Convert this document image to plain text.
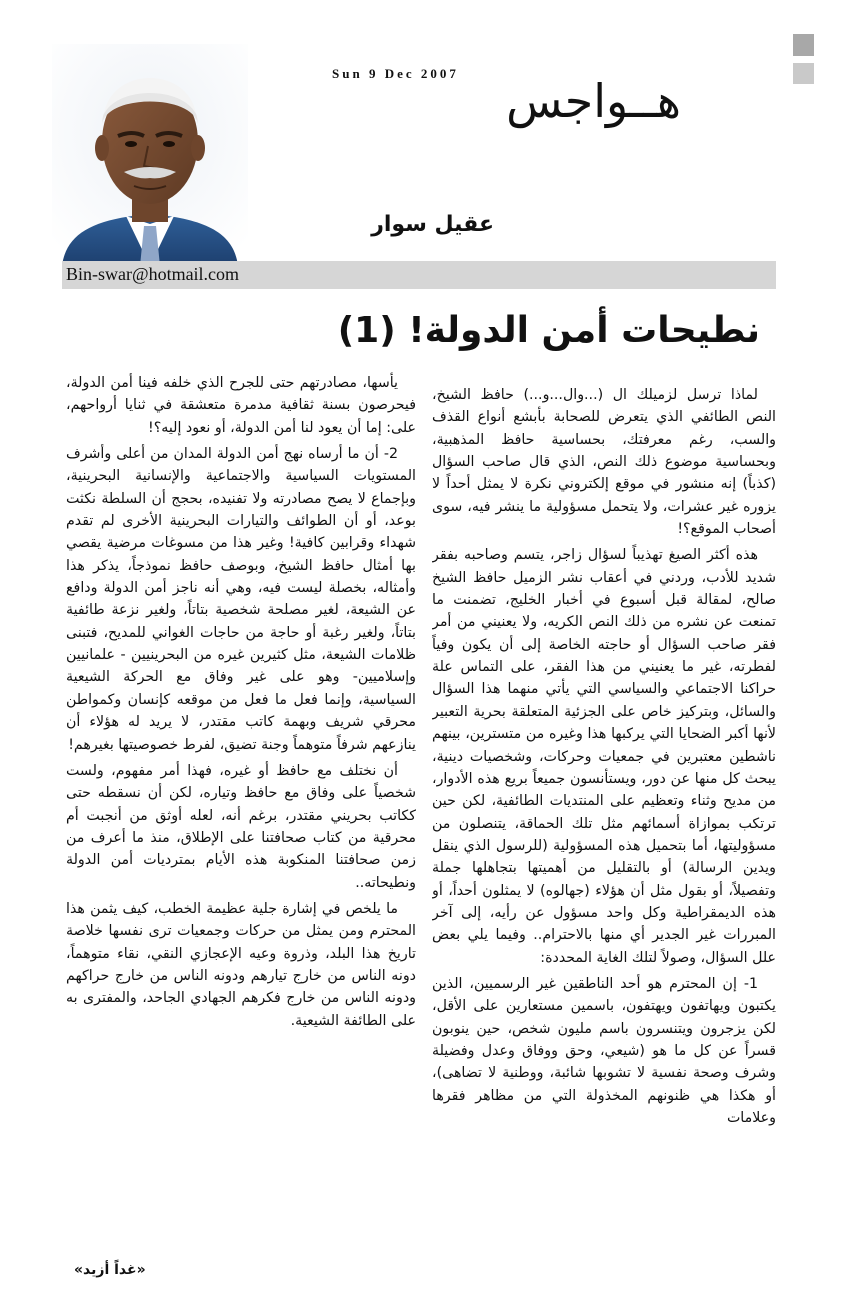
Sun 9 Dec 2007
هــواجس
عقيل سوار
Bin-swar@hotmail.com
نطيحات أمن الدولة! (1)

لماذا ترسل لزميلك ال (...وال...و...) حافظ الشيخ، النص الطائفي الذي يتعرض للصحابة بأبشع أنواع القذف والسب، رغم معرفتك، بحساسية حافظ المذهبية، وبحساسية موضوع ذلك النص، الذي قال صاحب السؤال (كذباً) إنه منشور في موقع إلكتروني نكرة لا يمثل أحداً لا يزوره غير عشرات، ولا يتحمل مسؤولية ما ينشر فيه، سوى أصحاب الموقع؟!

هذه أكثر الصيغ تهذيباً لسؤال زاجر، يتسم وصاحبه بفقر شديد للأدب، وردني في أعقاب نشر الزميل حافظ الشيخ صالح، لمقالة قبل أسبوع في أخبار الخليج، تضمنت ما تمنعت عن نشره من ذلك النص الكريه، ولا يعنيني من أمر فقر صاحب السؤال أو حاجته الخاصة إلى أن يكون وفياً لفطرته، غير ما يعنيني من هذا الفقر، على التماس علة حراكنا الاجتماعي والسياسي التي يأتي منهما هذا السؤال والسائل، وبتركيز خاص على الجزئية المتعلقة بحرية التعبير لأنها أكبر الضحايا التي يركبها هذا وغيره من متسترين، بينهم ناشطين معتبرين في جمعيات وحركات، وشخصيات دينية، يبحث كل منها عن دور، ويستأنسون جميعاً بريع هذه الأدوار، من مديح وثناء وتعظيم على المنتديات الطائفية، لكن حين ترتكب بموازاة أسمائهم مثل تلك الحماقة، يتنصلون من مسؤوليتها، أما بتحميل هذه المسؤولية (للرسول الذي ينقل ويدين الرسالة) أو بالتقليل من أهميتها بتجاهلها جملة وتفصيلاً، أو بقول مثل أن هؤلاء (جهالوه) لا يمثلون أحداً، أو هذه الديمقراطية وكل واحد مسؤول عن رأيه، إلى آخر المبررات غير الجدير أي منها بالاحترام.. وفيما يلي بعض علل السؤال، وصولاً لتلك الغاية المحددة:

1- إن المحترم هو أحد الناطقين غير الرسميين، الذين يكتبون ويهاتفون ويهتفون، باسمين مستعارين على الأقل، لكن يزجرون ويتنسرون باسم مليون شخص، حين ينوبون قسراً عن كل ما هو (شيعي، وحق ووفاق وعدل وفضيلة وشرف وصحة نفسية لا تشوبها شائبة، ووطنية لا تضاهى)، أو هكذا هي ظنونهم المخذولة التي من مظاهر فقرها وعلامات

يأسها، مصادرتهم حتى للجرح الذي خلفه فينا أمن الدولة، فيحرصون بسنة ثقافية مدمرة متعشقة في ثنايا أرواحهم، على: إما أن يعود لنا أمن الدولة، أو نعود إليه؟!

2- أن ما أرساه نهج أمن الدولة المدان من أعلى وأشرف المستويات السياسية والاجتماعية والإنسانية البحرينية، وبإجماع لا يصح مصادرته ولا تفنيده، بحجج أن السلطة نكثت بوعد، أو أن الطوائف والتيارات البحرينية الأخرى لم تقدم شهداء وقرابين كافية! وغير هذا من مسوغات مرضية يقصي بها أمثال حافظ الشيخ، وبوصف حافظ نموذجاً، يذكر هذا وأمثاله، بخصلة ليست فيه، وهي أنه ناجز أمن الدولة ودافع عن الشيعة، لغير مصلحة شخصية بتاتاً، ولغير نزعة طائفية بتاتاً، ولغير رغبة أو حاجة من حاجات الغواني للمديح، فتبنى ظلامات الشيعة، مثل كثيرين غيره من البحرينيين - علمانيين وإسلاميين- وهو على غير وفاق مع الحركة الشيعية السياسية، وإنما فعل ما فعل من موقعه كإنسان وكمواطن محرقي شريف وبهمة كاتب مقتدر، لا يريد له هؤلاء أن ينازعهم شرفاً متوهماً وجنة تضيق، لفرط خصوصيتها بغيرهم!

أن نختلف مع حافظ أو غيره، فهذا أمر مفهوم، ولست شخصياً على وفاق مع حافظ وتياره، لكن أن نسقطه حتى ككاتب بحريني مقتدر، برغم أنه، لعله أوثق من أنجبت أم محرقية من كتاب صحافتنا على الإطلاق، منذ ما أعرف من زمن صحافتنا المنكوبة هذه الأيام بمترديات أمن الدولة ونطيحاته..

ما يلخص في إشارة جلية عظيمة الخطب، كيف يثمن هذا المحترم ومن يمثل من حركات وجمعيات ترى نفسها خلاصة تاريخ هذا البلد، وذروة وعيه الإعجازي النقي، نقاء متوهماً، دونه الناس من خارج تيارهم ودونه الناس من خارج حراكهم ودونه الناس من خارج فكرهم الجهادي الجاحد، والمفترى به على الطائفة الشيعية.

«غداً أزيد»
